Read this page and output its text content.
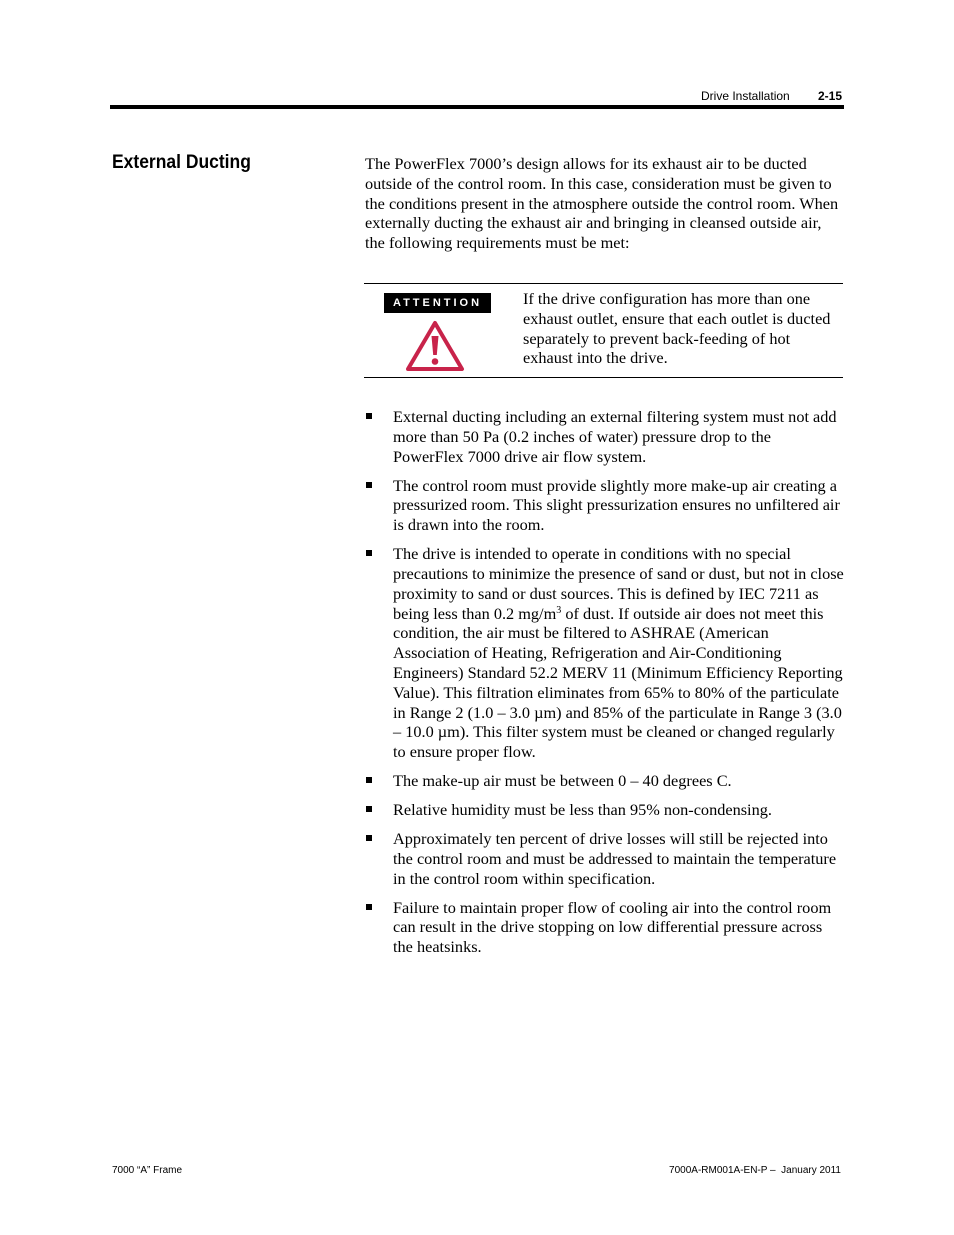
Drive Installation 2-15
External Ducting	The PowerFlex 7000’s design allows for its exhaust air to be ducted outside of the control room. In this case, consideration must be given to the conditions present in the atmosphere outside the control room. When externally ducting the exhaust air and bringing in cleansed outside air, the following requirements must be met:

ATTENTION	If the drive configuration has more than one exhaust outlet, ensure that each outlet is ducted separately to prevent back-feeding of hot exhaust into the drive.

External ducting including an external filtering system must not add more than 50 Pa (0.2 inches of water) pressure drop to the PowerFlex 7000 drive air flow system.
The control room must provide slightly more make-up air creating a pressurized room. This slight pressurization ensures no unfiltered air is drawn into the room.
The drive is intended to operate in conditions with no special precautions to minimize the presence of sand or dust, but not in close proximity to sand or dust sources. This is defined by IEC 7211 as being less than 0.2 $mg/m^3$ of dust. If outside air does not meet this condition, the air must be filtered to ASHRAE (American Association of Heating, Refrigeration and Air-Conditioning Engineers) Standard 52.2 MERV 11 (Minimum Efficiency Reporting Value). This filtration eliminates from 65% to 80% of the particulate in Range 2 (1.0 – 3.0 µm) and 85% of the particulate in Range 3 (3.0 – 10.0 µm). This filter system must be cleaned or changed regularly to ensure proper flow.
The make-up air must be between 0 – 40 degrees C.
Relative humidity must be less than 95% non-condensing.
Approximately ten percent of drive losses will still be rejected into the control room and must be addressed to maintain the temperature in the control room within specification.
Failure to maintain proper flow of cooling air into the control room can result in the drive stopping on low differential pressure across the heatsinks.
7000 “A” Frame	7000A-RM001A-EN-P –  January 2011
